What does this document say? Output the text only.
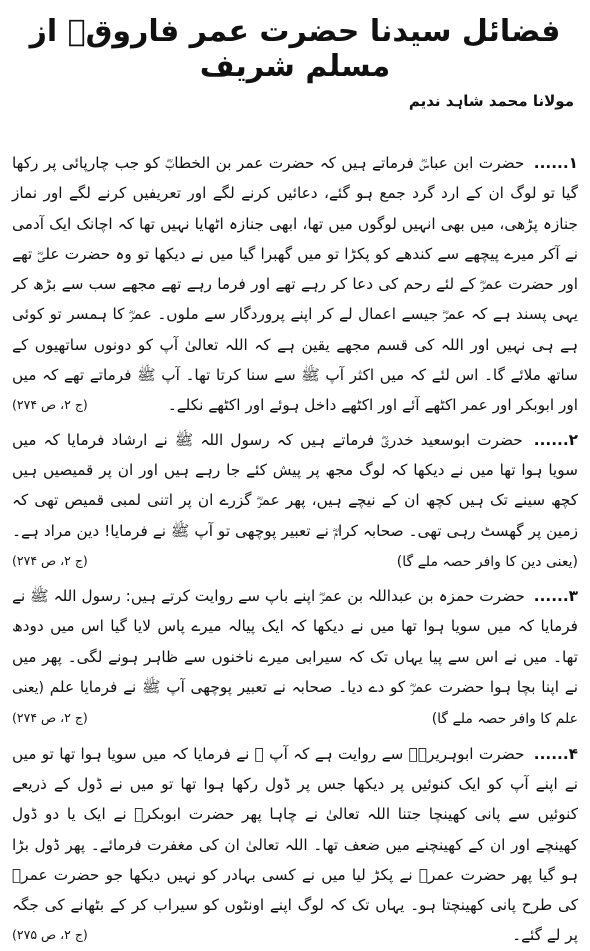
فضائل سیدنا حضرت عمر فاروقؓ از مسلم شریف
مولانا محمد شاہد ندیم

۱...... حضرت ابن عباسؓ فرماتے ہیں کہ حضرت عمر بن الخطابؓ کو جب چارپائی پر رکھا گیا تو لوگ ان کے ارد گرد جمع ہو گئے، دعائیں کرنے لگے اور تعریفیں کرنے لگے اور نماز جنازہ پڑھی، میں بھی انہیں لوگوں میں تھا، ابھی جنازہ اٹھایا نہیں تھا کہ اچانک ایک آدمی نے آکر میرے پیچھے سے کندھے کو پکڑا تو میں گھبرا گیا میں نے دیکھا تو وہ حضرت علیؓ تھے اور حضرت عمرؓ کے لئے رحم کی دعا کر رہے تھے اور فرما رہے تھے مجھے سب سے بڑھ کر یہی پسند ہے کہ عمرؓ جیسے اعمال لے کر اپنے پروردگار سے ملوں۔ عمرؓ کا ہمسر تو کوئی ہے ہی نہیں اور اللہ کی قسم مجھے یقین ہے کہ اللہ تعالیٰ آپ کو دونوں ساتھیوں کے ساتھ ملائے گا۔ اس لئے کہ میں اکثر آپ ﷺ سے سنا کرتا تھا۔ آپ ﷺ فرماتے تھے کہ میں اور ابوبکر اور عمر اکٹھے آئے اور اکٹھے داخل ہوئے اور اکٹھے نکلے۔
(ج ۲، ص ۲۷۴)

۲...... حضرت ابوسعید خدریؓ فرماتے ہیں کہ رسول اللہ ﷺ نے ارشاد فرمایا کہ میں سویا ہوا تھا میں نے دیکھا کہ لوگ مجھ پر پیش کئے جا رہے ہیں اور ان پر قمیصیں ہیں کچھ سینے تک ہیں کچھ ان کے نیچے ہیں، پھر عمرؓ گزرے ان پر اتنی لمبی قمیص تھی کہ زمین پر گھسٹ رہی تھی۔ صحابہ کرامؓ نے تعبیر پوچھی تو آپ ﷺ نے فرمایا! دین مراد ہے۔ (یعنی دین کا وافر حصہ ملے گا)
(ج ۲، ص ۲۷۴)

۳...... حضرت حمزہ بن عبداللہ بن عمرؓ اپنے باپ سے روایت کرتے ہیں: رسول اللہ ﷺ نے فرمایا کہ میں سویا ہوا تھا میں نے دیکھا کہ ایک پیالہ میرے پاس لایا گیا اس میں دودھ تھا۔ میں نے اس سے پیا یہاں تک کہ سیرابی میرے ناخنوں سے ظاہر ہونے لگی۔ پھر میں نے اپنا بچا ہوا حضرت عمرؓ کو دے دیا۔ صحابہ نے تعبیر پوچھی آپ ﷺ نے فرمایا علم (یعنی علم کا وافر حصہ ملے گا)
(ج ۲، ص ۲۷۴)

۴...... حضرت ابوہریرہؓ سے روایت ہے کہ آپ ﷺ نے فرمایا کہ میں سویا ہوا تھا تو میں نے اپنے آپ کو ایک کنوئیں پر دیکھا جس پر ڈول رکھا ہوا تھا تو میں نے ڈول کے ذریعے کنوئیں سے پانی کھینچا جتنا اللہ تعالیٰ نے چاہا پھر حضرت ابوبکرؓ نے ایک یا دو ڈول کھینچے اور ان کے کھینچنے میں ضعف تھا۔ اللہ تعالیٰ ان کی مغفرت فرمائے۔ پھر ڈول بڑا ہو گیا پھر حضرت عمرؓ نے پکڑ لیا میں نے کسی بہادر کو نہیں دیکھا جو حضرت عمرؓ کی طرح پانی کھینچتا ہو۔ یہاں تک کہ لوگ اپنے اونٹوں کو سیراب کر کے بٹھانے کی جگہ پر لے گئے۔
(ج ۲، ص ۲۷۵)
